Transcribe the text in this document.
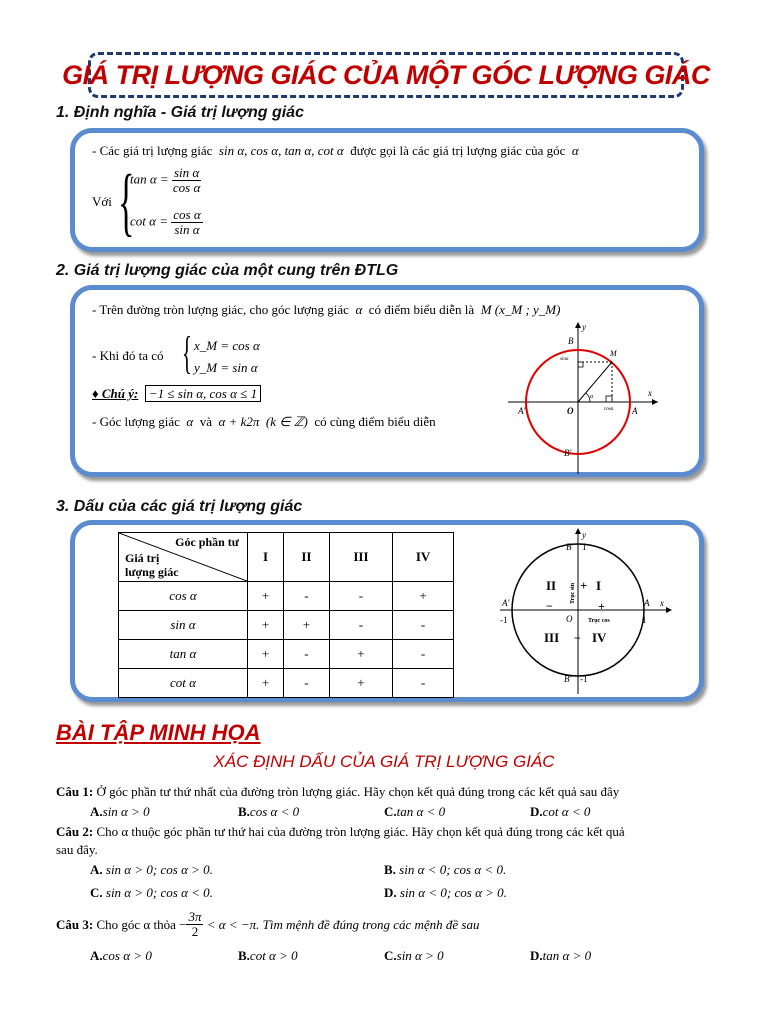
GIÁ TRỊ LƯỢNG GIÁC CỦA MỘT GÓC LƯỢNG GIÁC
1. Định nghĩa - Giá trị lượng giác
- Các giá trị lượng giác sin α, cos α, tan α, cot α được gọi là các giá trị lượng giác của góc α
Với {
$\tan \alpha = \frac{\text{sin α}}{\text{cos α}}$
$\cot \alpha = \frac{\text{cos α}}{\text{sin α}}$
2. Giá trị lượng giác của một cung trên ĐTLG
- Trên đường tròn lượng giác, cho góc lượng giác α có điểm biểu diễn là M (x_M ; y_M)
- Khi đó ta có { x_M = cos α
y_M = sin α
♦ Chú ý: −1 ≤ sin α, cos α ≤ 1
- Góc lượng giác α và α + k2π (k ∈ ℤ) có cùng điểm biểu diễn
y
x
B
M
A′	O	A
B′
sinα
cosα
α
3. Dấu của các giá trị lượng giác
Góc phần tư
Giá trị
lượng giác	I	II	III	IV
cos α	+	-	-	+
sin α	+	+	-	-
tan α	+	-	+	-
cot α	+	-	+	-
y
x
B 1
A′	A
-1	O	1
B′ -1
Trục sin
Trục cos
II	I
+
III	IV
−	+
−
BÀI TẬP MINH HỌA
XÁC ĐỊNH DẤU CỦA GIÁ TRỊ LƯỢNG GIÁC
Câu 1: Ở góc phần tư thứ nhất của đường tròn lượng giác. Hãy chọn kết quả đúng trong các kết quả sau đây
A.sin α > 0	B.cos α < 0	C.tan α < 0	D.cot α < 0
Câu 2: Cho α thuộc góc phần tư thứ hai của đường tròn lượng giác. Hãy chọn kết quả đúng trong các kết quả
sau đây.
A. sin α > 0; cos α > 0.	B. sin α < 0; cos α < 0.
C. sin α > 0; cos α < 0.	D. sin α < 0; cos α > 0.
Câu 3:
Cho góc α thỏa
− $\frac{3\pi}{2}$
< α < −π. Tìm mệnh đề đúng trong các mệnh đề sau
A.cos α > 0	B.cot α > 0	C.sin α > 0	D.tan α > 0
